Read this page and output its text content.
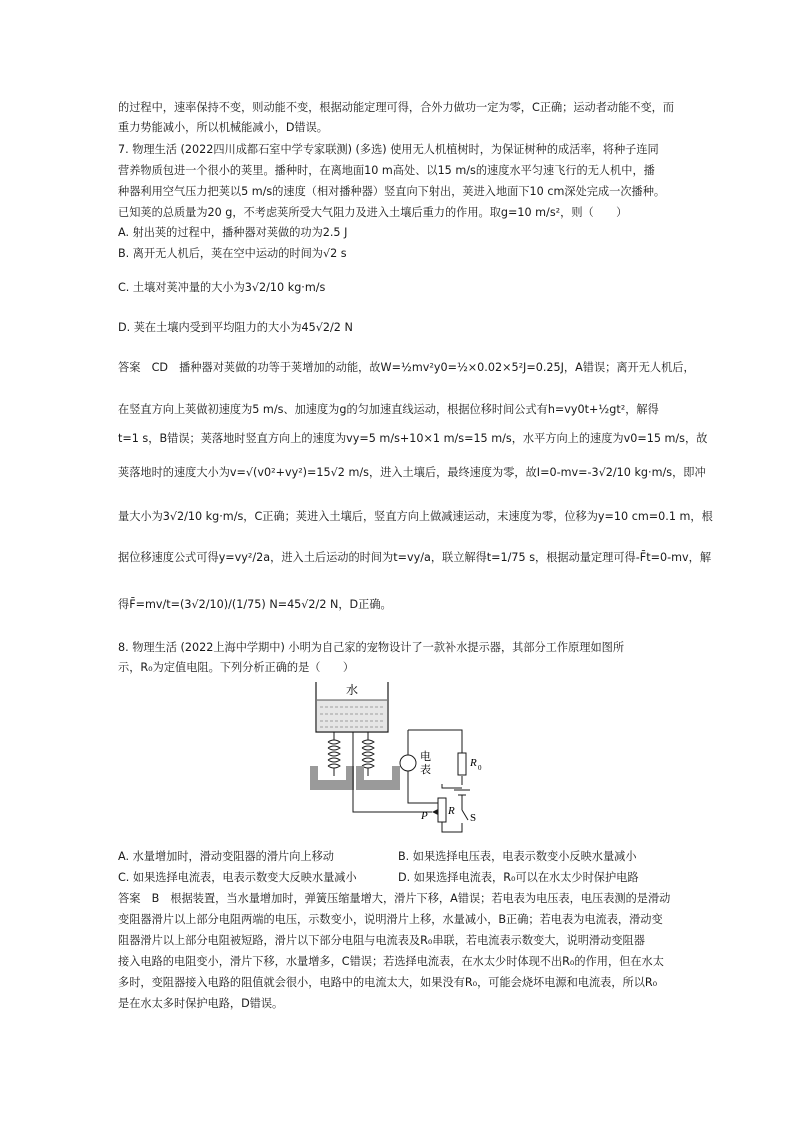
的过程中，速率保持不变，则动能不变，根据动能定理可得，合外力做功一定为零，C正确；运动者动能不变，而
重力势能减小，所以机械能减小，D错误。
7. 物理生活 (2022四川成都石室中学专家联测) (多选) 使用无人机植树时，为保证树种的成活率，将种子连同
营养物质包进一个很小的荚里。播种时，在离地面10 m高处、以15 m/s的速度水平匀速飞行的无人机中，播
种器利用空气压力把荚以5 m/s的速度（相对播种器）竖直向下射出，荚进入地面下10 cm深处完成一次播种。
已知荚的总质量为20 g，不考虑荚所受大气阻力及进入土壤后重力的作用。取g=10 m/s²，则（　　）
A. 射出荚的过程中，播种器对荚做的功为2.5 J
B. 离开无人机后，荚在空中运动的时间为√2 s
C. 土壤对荚冲量的大小为3√2/10 kg·m/s
D. 荚在土壤内受到平均阻力的大小为45√2/2 N
答案　CD　播种器对荚做的功等于荚增加的动能，故W=½mv²y0=½×0.02×5²J=0.25J，A错误；离开无人机后，
在竖直方向上荚做初速度为5 m/s、加速度为g的匀加速直线运动，根据位移时间公式有h=vy0t+½gt²，解得
t=1 s，B错误；荚落地时竖直方向上的速度为vy=5 m/s+10×1 m/s=15 m/s，水平方向上的速度为v0=15 m/s，故
荚落地时的速度大小为v=√(v0²+vy²)=15√2 m/s，进入土壤后，最终速度为零，故I=0-mv=-3√2/10 kg·m/s，即冲
量大小为3√2/10 kg·m/s，C正确；荚进入土壤后，竖直方向上做减速运动，末速度为零，位移为y=10 cm=0.1 m，根
据位移速度公式可得y=vy²/2a，进入土后运动的时间为t=vy/a，联立解得t=1/75 s，根据动量定理可得-F̄t=0-mv，解
得F̄=mv/t=(3√2/10)/(1/75) N=45√2/2 N，D正确。
8. 物理生活 (2022上海中学期中) 小明为自己家的宠物设计了一款补水提示器，其部分工作原理如图所
示，R₀为定值电阻。下列分析正确的是（　　）
水
电
表	R 0
R
P	S
A. 水量增加时，滑动变阻器的滑片向上移动	B. 如果选择电压表，电表示数变小反映水量减小
C. 如果选择电流表，电表示数变大反映水量减小	D. 如果选择电流表，R₀可以在水太少时保护电路
答案　B　根据装置，当水量增加时，弹簧压缩量增大，滑片下移，A错误；若电表为电压表，电压表测的是滑动
变阻器滑片以上部分电阻两端的电压，示数变小，说明滑片上移，水量减小，B正确；若电表为电流表，滑动变
阻器滑片以上部分电阻被短路，滑片以下部分电阻与电流表及R₀串联，若电流表示数变大，说明滑动变阻器
接入电路的电阻变小，滑片下移，水量增多，C错误；若选择电流表，在水太少时体现不出R₀的作用，但在水太
多时，变阻器接入电路的阻值就会很小，电路中的电流太大，如果没有R₀，可能会烧坏电源和电流表，所以R₀
是在水太多时保护电路，D错误。
